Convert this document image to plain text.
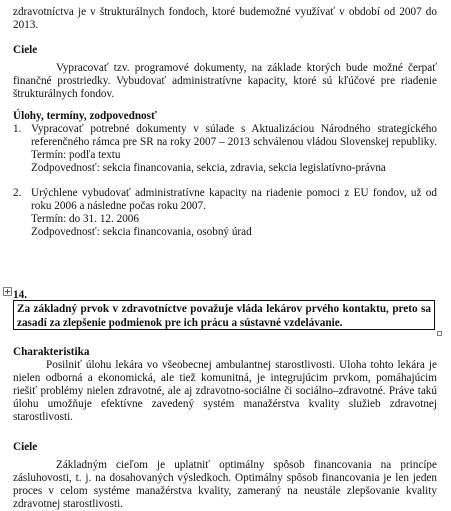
zdravotníctva je v štrukturálnych fondoch, ktoré budemožné využívať v období od 2007 do
2013.
Ciele
Vypracovať tzv. programové dokumenty, na základe ktorých bude možné čerpať
finančné prostriedky. Vybudovať administratívne kapacity, ktoré sú kľúčové pre riadenie
štrukturálnych fondov.
Úlohy, termíny, zodpovednosť
1. Vypracovať potrebné dokumenty v súlade s Aktualizáciou Národného strategického
referenčného rámca pre SR na roky 2007 – 2013 schválenou vládou Slovenskej republiky.
Termín: podľa textu
Zodpovednosť: sekcia financovania, sekcia, zdravia, sekcia legislatívno-právna
2. Urýchlene vybudovať administratívne kapacity na riadenie pomoci z EU fondov, už od
roku 2006 a následne počas roku 2007.
Termín: do 31. 12. 2006
Zodpovednosť: sekcia financovania, osobný úrad
14.
Za základný prvok v zdravotníctve považuje vláda lekárov prvého kontaktu, preto sa
zasadí za zlepšenie podmienok pre ich prácu a sústavné vzdelávanie.
Charakteristika
Posilniť úlohu lekára vo všeobecnej ambulantnej starostlivosti. Uloha tohto lekára je
nielen odborná a ekonomická, ale tiež komunitná, je integrujúcim prvkom, pomáhajúcim
riešiť problémy nielen zdravotné, ale aj zdravotno-sociálne či sociálno–zdravotné. Práve takú
úlohu umožňuje efektívne zavedený systém manažérstva kvality služieb zdravotnej
starostlivosti.
Ciele
Základným cieľom je uplatniť optimálny spôsob financovania na princípe
zásluhovosti, t. j. na dosahovaných výsledkoch. Optimálny spôsob financovania je len jeden
proces v celom systéme manažérstva kvality, zameraný na neustále zlepšovanie kvality
zdravotnej starostlivosti.
